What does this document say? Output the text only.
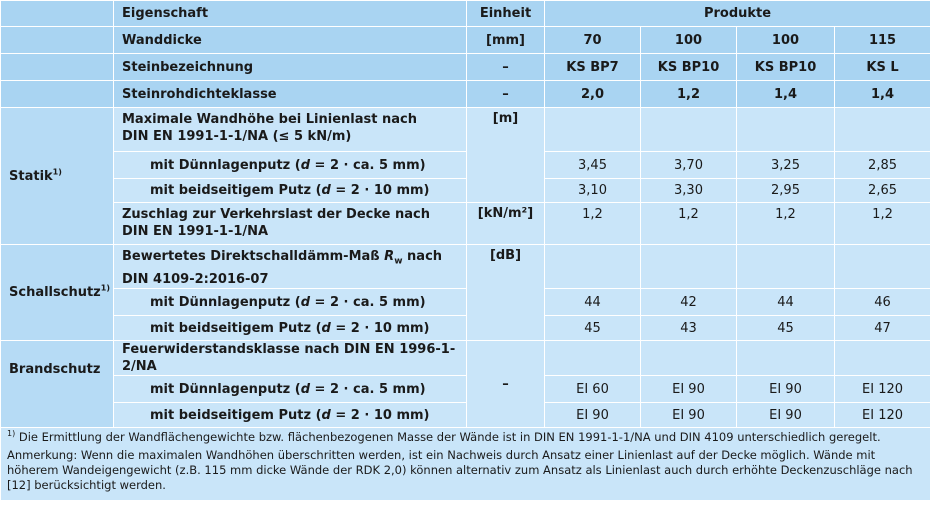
	Eigenschaft	Einheit	Produkte			
	Wanddicke	[mm]	70	100	100	115
	Steinbezeichnung	–	KS BP7	KS BP10	KS BP10	KS L
	Steinrohdichteklasse	–	2,0	1,2	1,4	1,4
Statik$^{1)}$	Maximale Wandhöhe bei Linienlast nach
DIN EN 1991-1-1/NA (≤ 5 kN/m)	[m]				
	mit Dünnlagenputz (d = 2 · ca. 5 mm)		3,45	3,70	3,25	2,85
	mit beidseitigem Putz (d = 2 · 10 mm)		3,10	3,30	2,95	2,65
	Zuschlag zur Verkehrslast der Decke nach
DIN EN 1991-1-1/NA	[kN/m²]	1,2	1,2	1,2	1,2
Schallschutz$^{1)}$	Bewertetes Direktschalldämm-Maß $R_w$ nach
DIN 4109-2:2016-07	[dB]				
	mit Dünnlagenputz (d = 2 · ca. 5 mm)		44	42	44	46
	mit beidseitigem Putz (d = 2 · 10 mm)		45	43	45	47
Brandschutz	Feuerwiderstandsklasse nach DIN EN 1996-1-2/NA	–				
	mit Dünnlagenputz (d = 2 · ca. 5 mm)		EI 60	EI 90	EI 90	EI 120
	mit beidseitigem Putz (d = 2 · 10 mm)		EI 90	EI 90	EI 90	EI 120

$^{1)}$ Die Ermittlung der Wandflächengewichte bzw. flächenbezogenen Masse der Wände ist in DIN EN 1991-1-1/NA und DIN 4109 unterschiedlich geregelt.
Anmerkung: Wenn die maximalen Wandhöhen überschritten werden, ist ein Nachweis durch Ansatz einer Linienlast auf der Decke möglich. Wände mit höherem Wandeigengewicht (z.B. 115 mm dicke Wände der RDK 2,0) können alternativ zum Ansatz als Linienlast auch durch erhöhte Deckenzuschläge nach [12] berücksichtigt werden.						
